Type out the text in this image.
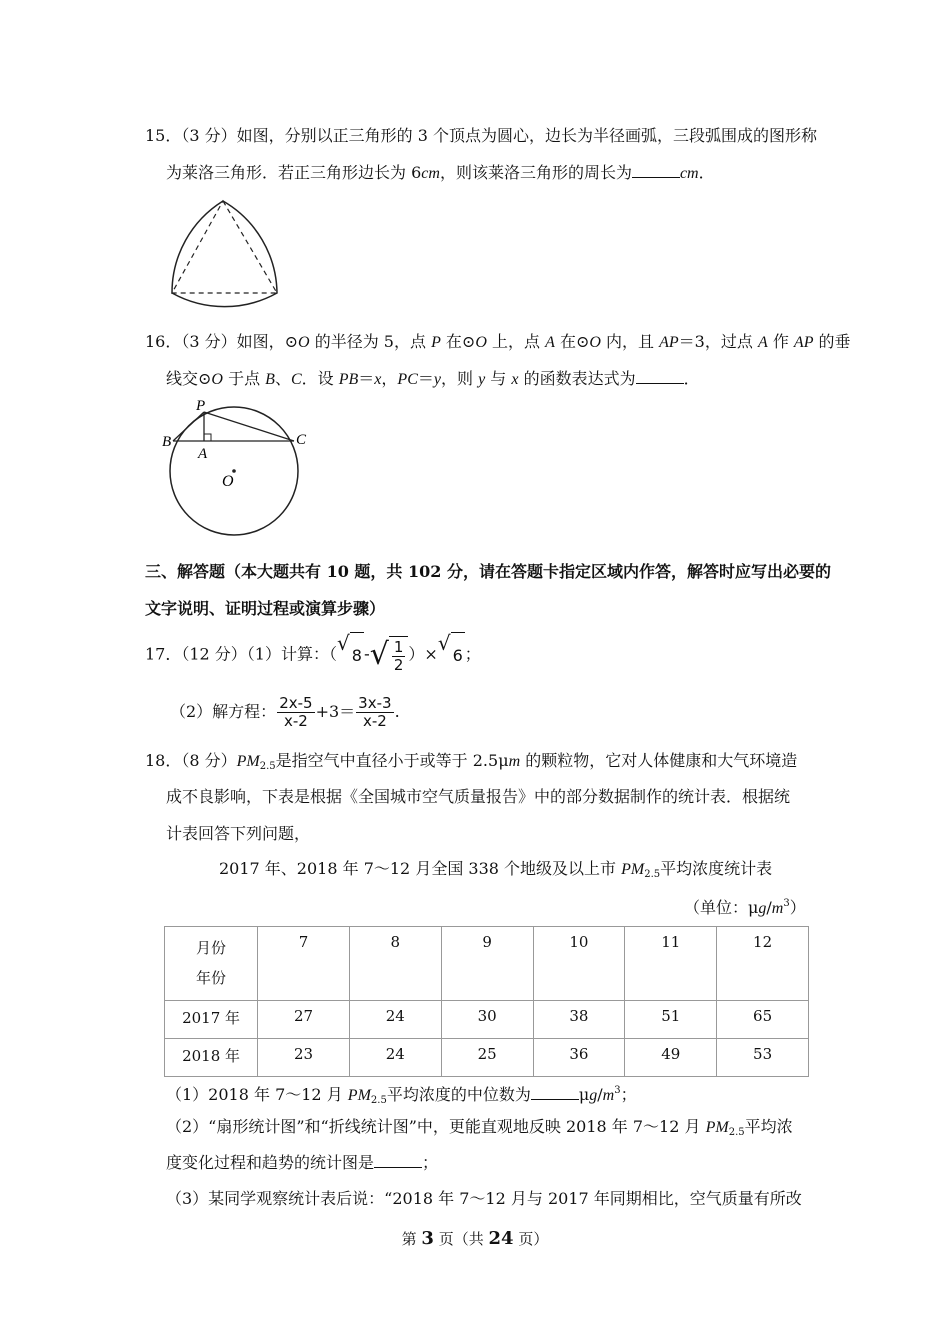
15．（3 分）如图，分别以正三角形的 3 个顶点为圆心，边长为半径画弧，三段弧围成的图形称
为莱洛三角形．若正三角形边长为 6cm，则该莱洛三角形的周长为	cm．
16．（3 分）如图，⊙O 的半径为 5，点 P 在⊙O 上，点 A 在⊙O 内，且 AP＝3，过点 A 作 AP 的垂
线交⊙O 于点 B、C．设 PB＝x，PC＝y，则 y 与 x 的函数表达式为	．
P
B
A
C
O
三、解答题（本大题共有 10 题，共 102 分，请在答题卡指定区域内作答，解答时应写出必要的
文字说明、证明过程或演算步骤）
17．（12 分）（1）计算：（ √
8 - √ $\frac{1}{2}$ ）× √
6 ；
（2）解方程： $\frac{2x-5}{x-2} +3= \frac{3x-3}{x-2}$ .
18．（8 分）$PM_{2.5}$是指空气中直径小于或等于 2.5μm 的颗粒物，它对人体健康和大气环境造
成不良影响，下表是根据《全国城市空气质量报告》中的部分数据制作的统计表．根据统
计表回答下列问题，
2017 年、2018 年 7～12 月全国 338 个地级及以上市 $PM_{2.5}$平均浓度统计表
（单位：$\mu g/m^3$）
月份
年份	7	8	9	10	11	12
2017 年	27	24	30	38	51	65
2018 年	23	24	25	36	49	53
（1）2018 年 7～12 月 $PM_{2.5}$平均浓度的中位数为	$\mu g/m^3$；
（2）“扇形统计图”和“折线统计图”中，更能直观地反映 2018 年 7～12 月 $PM_{2.5}$平均浓
度变化过程和趋势的统计图是	；
（3）某同学观察统计表后说：“2018 年 7～12 月与 2017 年同期相比，空气质量有所改
第 3 页（共 24 页）
